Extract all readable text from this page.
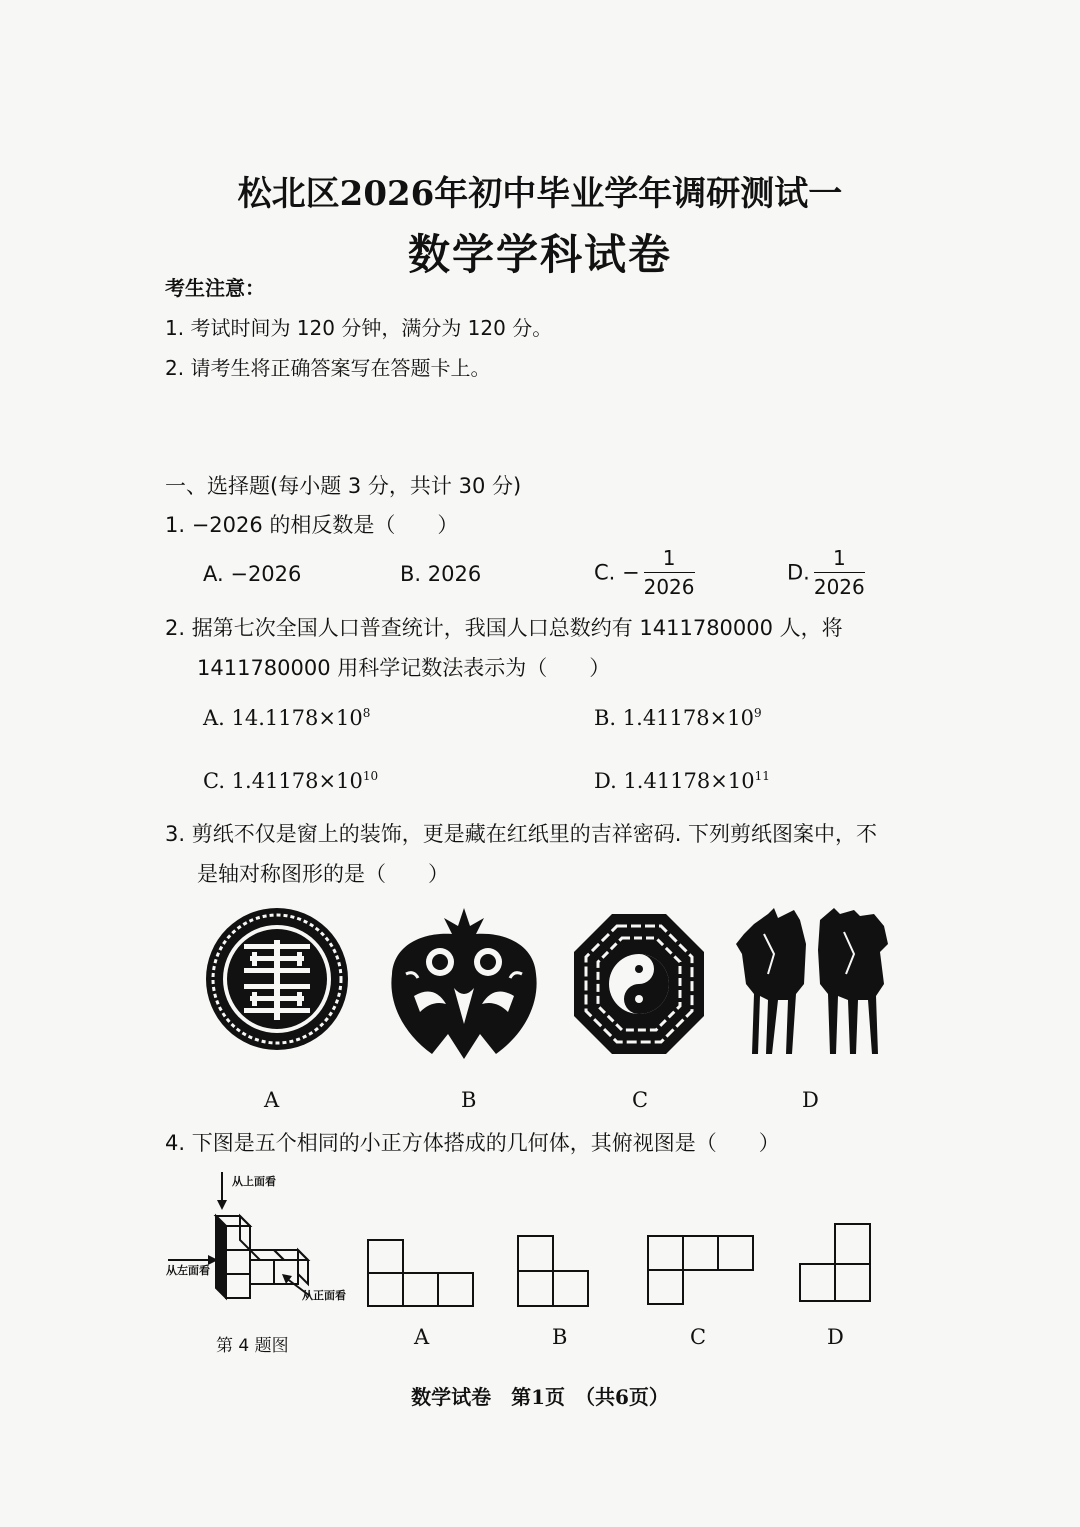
松北区2026年初中毕业学年调研测试一
数学学科试卷
考生注意：
1. 考试时间为 120 分钟，满分为 120 分。
2. 请考生将正确答案写在答题卡上。
一、选择题(每小题 3 分，共计 30 分)
1. −2026 的相反数是（　　）
A. −2026	B. 2026	C. − $\frac{1}{2026}$	D. $\frac{1}{2026}$
2. 据第七次全国人口普查统计，我国人口总数约有 1411780000 人，将
1411780000 用科学记数法表示为（　　）
A. $14.1178\times 10^8$	B. $1.41178\times 10^9$
C. $1.41178\times 10^{10}$	D. $1.41178\times 10^{11}$
3. 剪纸不仅是窗上的装饰，更是藏在红纸里的吉祥密码. 下列剪纸图案中，不
是轴对称图形的是（　　）
A	B	C	D
4. 下图是五个相同的小正方体搭成的几何体，其俯视图是（　　）
从上面看
从左面看
从正面看
第 4 题图	A	B	C	D
数学试卷　第1页　（共6页）
